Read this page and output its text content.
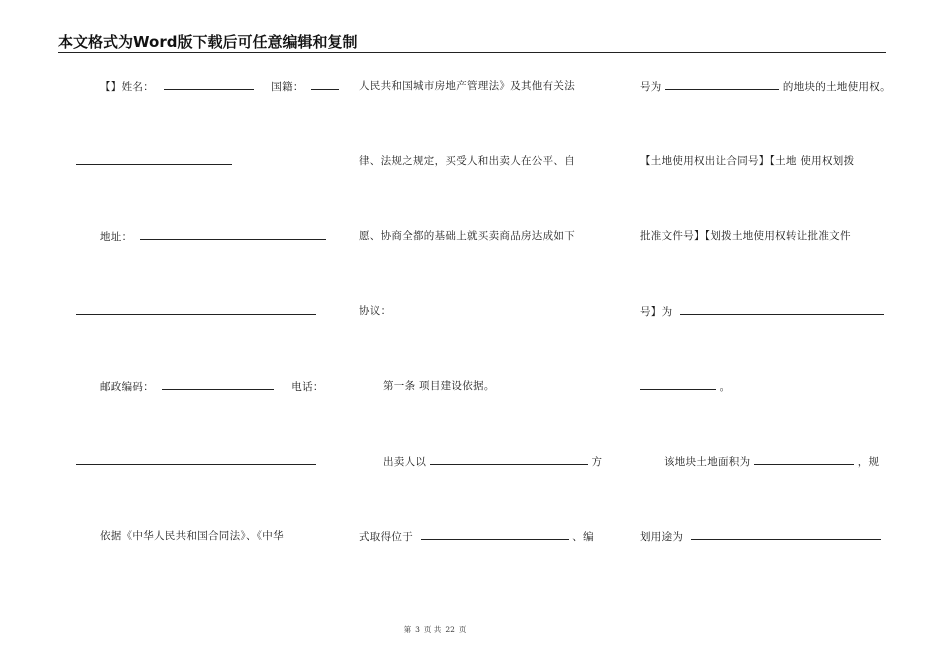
本文格式为Word版下载后可任意编辑和复制
【】姓名：	国籍：
地址：
邮政编码：	电话：
依据《中华人民共和国合同法》、《中华
人民共和国城市房地产管理法》及其他有关法
律、法规之规定，买受人和出卖人在公平、自
愿、协商全都的基础上就买卖商品房达成如下
协议：
第一条 项目建设依据。
出卖人以	方
式取得位于	、编
号为	的地块的土地使用权。
【土地使用权出让合同号】【土地 使用权划拨
批准文件号】【划拨土地使用权转让批准文件
号】为
。
该地块土地面积为	，规
划用途为
第 3 页 共 22 页
